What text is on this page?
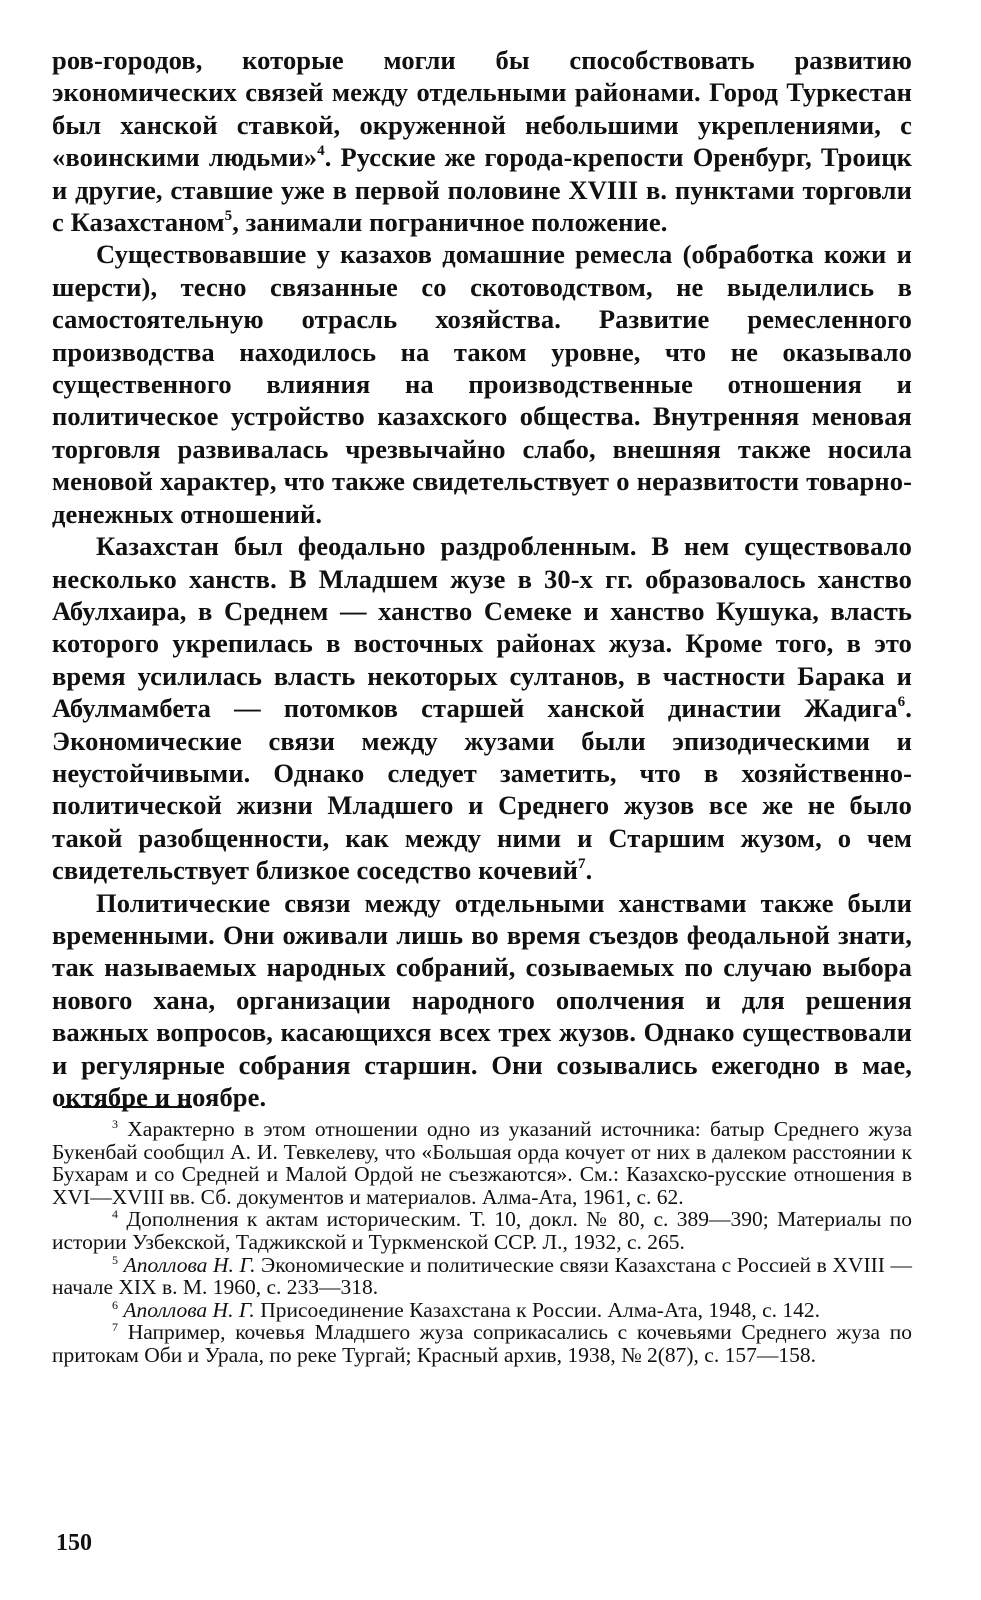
ров-городов, которые могли бы способствовать развитию экономических связей между отдельными районами. Город Туркестан был ханской ставкой, окруженной небольшими укреплениями, с «воинскими людьми»$^4$. Русские же города-крепости Оренбург, Троицк и другие, ставшие уже в первой половине XVIII в. пунктами торговли с Казахстаном$^5$, занимали пограничное положение.

Существовавшие у казахов домашние ремесла (обработка кожи и шерсти), тесно связанные со скотоводством, не выделились в самостоятельную отрасль хозяйства. Развитие ремесленного производства находилось на таком уровне, что не оказывало существенного влияния на производственные отношения и политическое устройство казахского общества. Внутренняя меновая торговля развивалась чрезвычайно слабо, внешняя также носила меновой характер, что также свидетельствует о неразвитости товарно-денежных отношений.

Казахстан был феодально раздробленным. В нем существовало несколько ханств. В Младшем жузе в 30-х гг. образовалось ханство Абулхаира, в Среднем — ханство Семеке и ханство Кушука, власть которого укрепилась в восточных районах жуза. Кроме того, в это время усилилась власть некоторых султанов, в частности Барака и Абулмамбета — потомков старшей ханской династии Жадига$^6$. Экономические связи между жузами были эпизодическими и неустойчивыми. Однако следует заметить, что в хозяйственно-политической жизни Младшего и Среднего жузов все же не было такой разобщенности, как между ними и Старшим жузом, о чем свидетельствует близкое соседство кочевий$^7$.

Политические связи между отдельными ханствами также были временными. Они оживали лишь во время съездов феодальной знати, так называемых народных собраний, созываемых по случаю выбора нового хана, организации народного ополчения и для решения важных вопросов, касающихся всех трех жузов. Однако существовали и регулярные собрания старшин. Они созывались ежегодно в мае, октябре и ноябре.

$^3$ Характерно в этом отношении одно из указаний источника: батыр Среднего жуза Букенбай сообщил А. И. Тевкелеву, что «Большая орда кочует от них в далеком расстоянии к Бухарам и со Средней и Малой Ордой не съезжаются». См.: Казахско-русские отношения в XVI—XVIII вв. Сб. документов и материалов. Алма-Ата, 1961, с. 62.

$^4$ Дополнения к актам историческим. Т. 10, докл. № 80, с. 389—390; Материалы по истории Узбекской, Таджикской и Туркменской ССР. Л., 1932, с. 265.

$^5$ Аполлова Н. Г. Экономические и политические связи Казахстана с Россией в XVIII — начале XIX в. М. 1960, с. 233—318.

$^6$ Аполлова Н. Г. Присоединение Казахстана к России. Алма-Ата, 1948, с. 142.

$^7$ Например, кочевья Младшего жуза соприкасались с кочевьями Среднего жуза по притокам Оби и Урала, по реке Тургай; Красный архив, 1938, № 2(87), с. 157—158.

150
